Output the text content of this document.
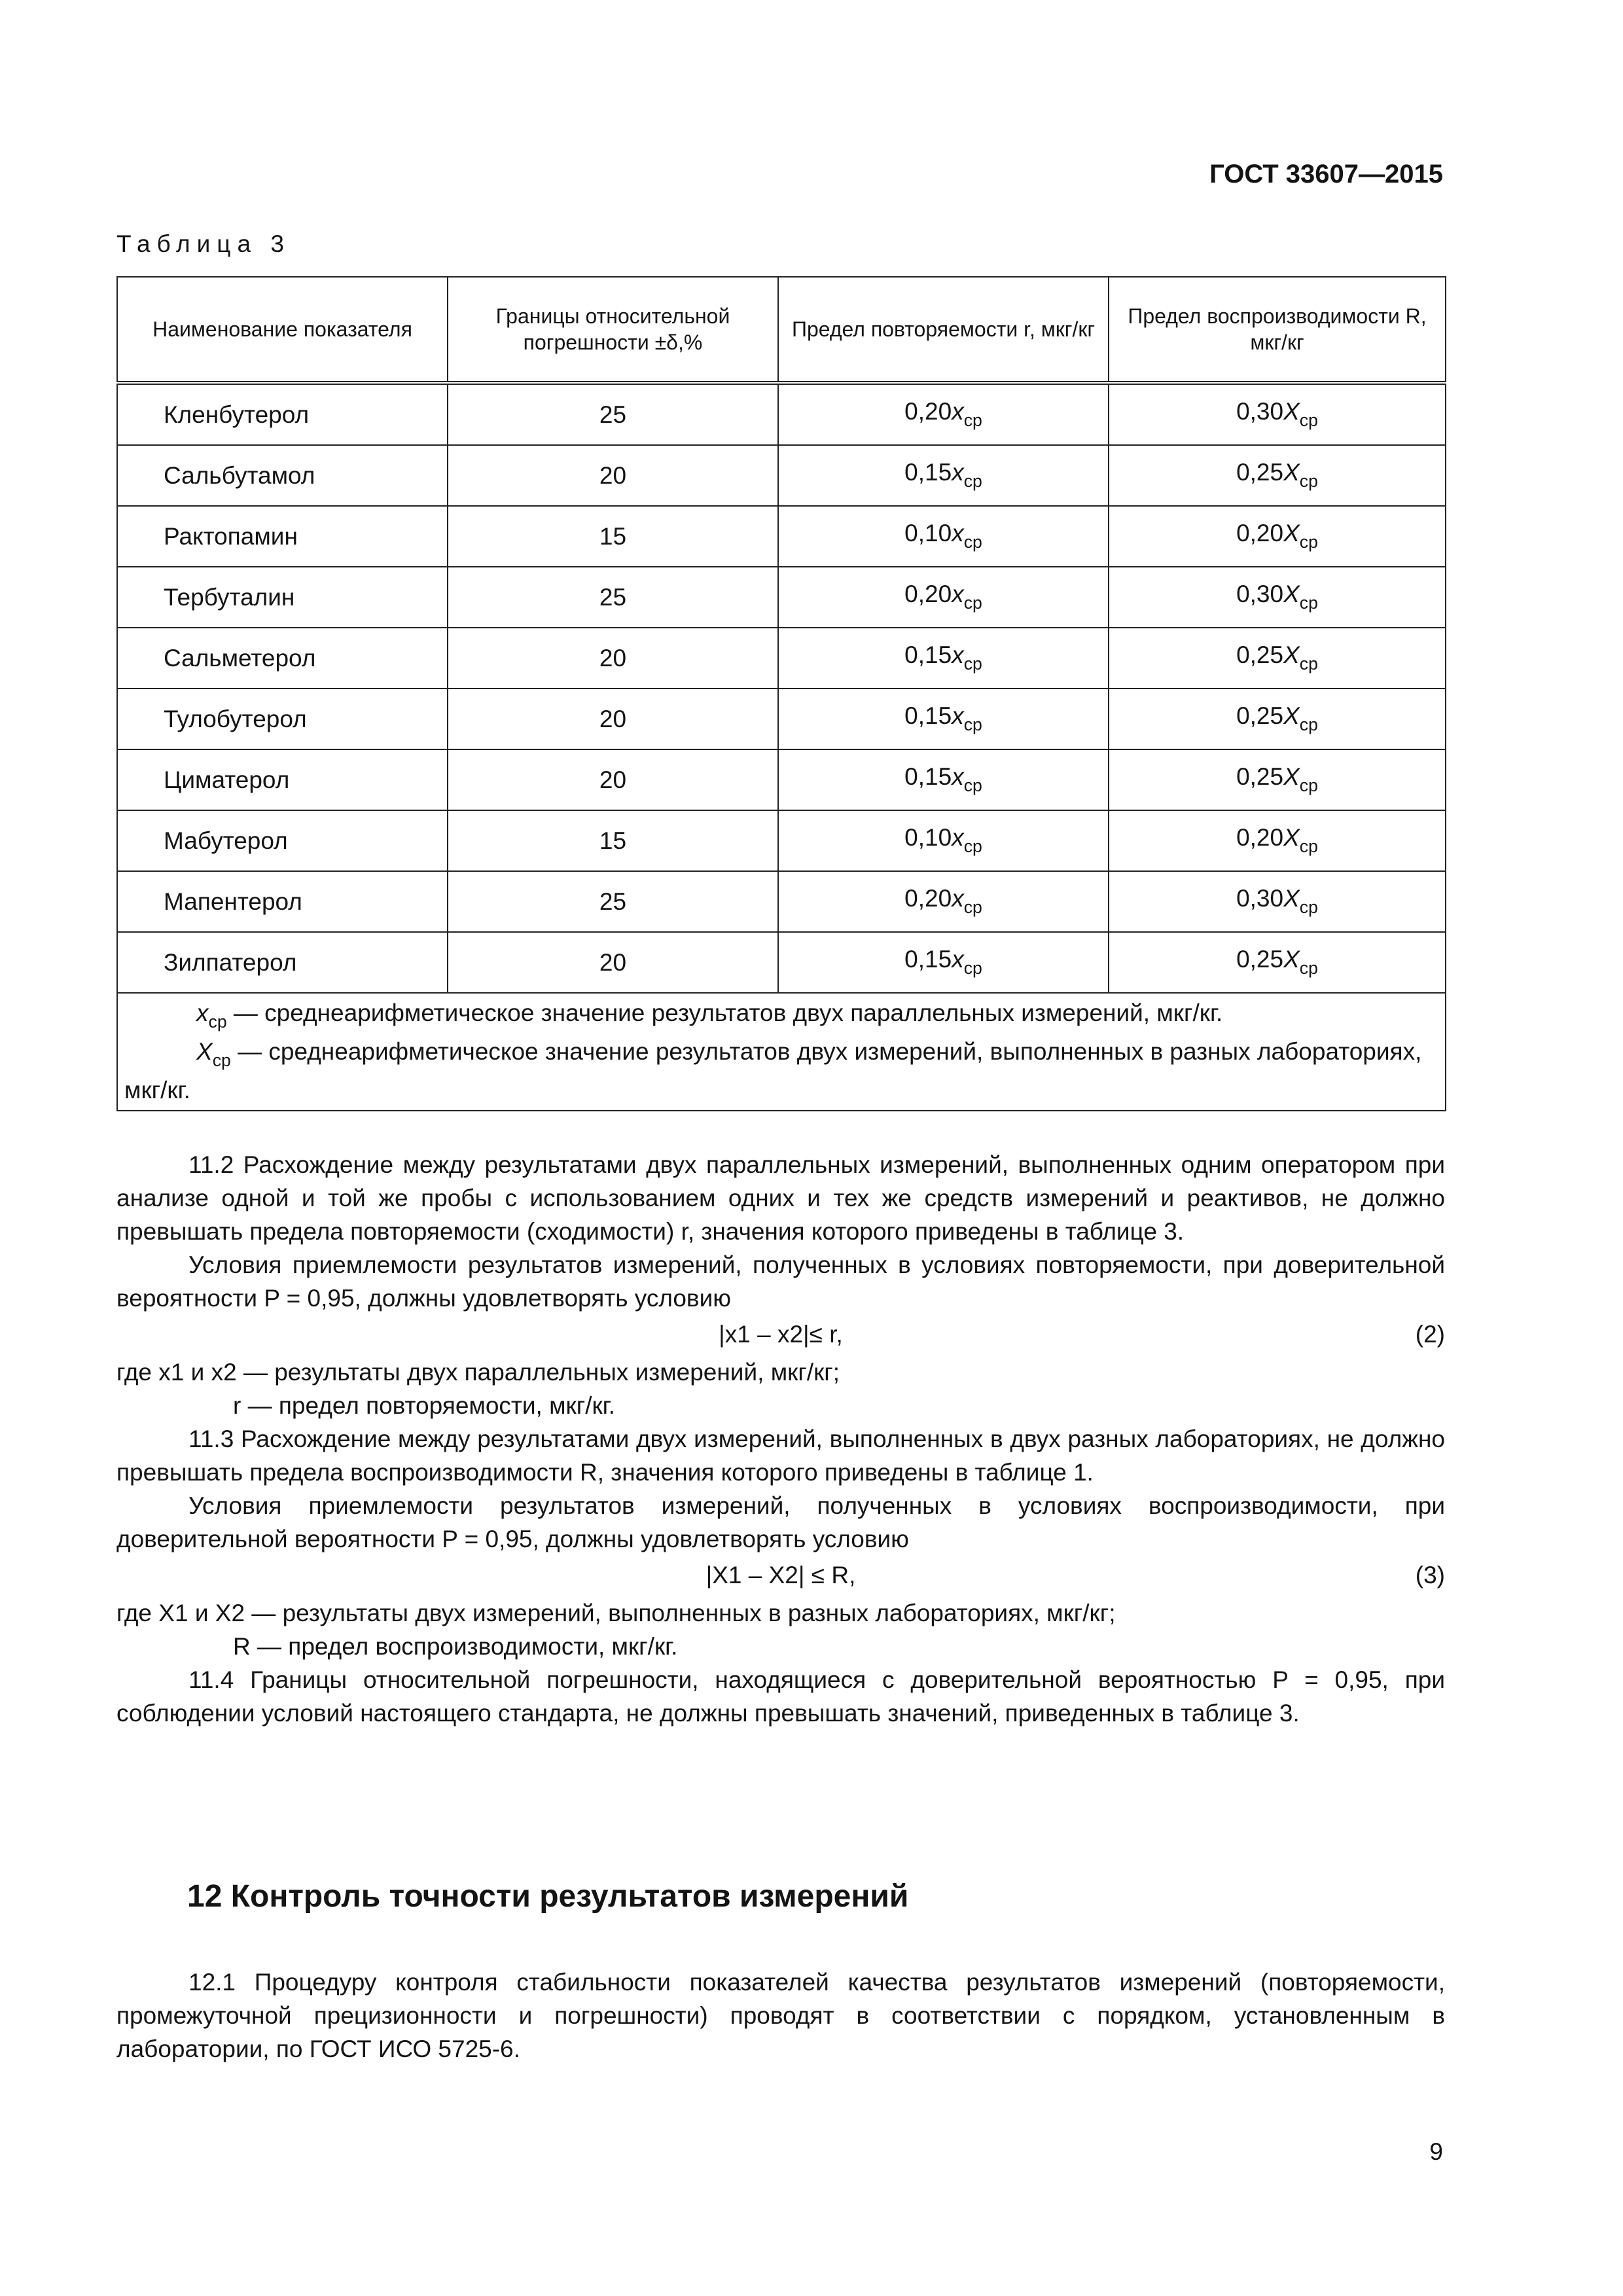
ГОСТ 33607—2015
Таблица 3
Наименование показателя	Границы относительной погрешности ±δ,%	Предел повторяемости r, мкг/кг	Предел воспроизводимости R, мкг/кг
Кленбутерол	25	$0,20x_{ср}$	$0,30X_{ср}$
Сальбутамол	20	$0,15x_{ср}$	$0,25X_{ср}$
Рактопамин	15	$0,10x_{ср}$	$0,20X_{ср}$
Тербуталин	25	$0,20x_{ср}$	$0,30X_{ср}$
Сальметерол	20	$0,15x_{ср}$	$0,25X_{ср}$
Тулобутерол	20	$0,15x_{ср}$	$0,25X_{ср}$
Циматерол	20	$0,15x_{ср}$	$0,25X_{ср}$
Мабутерол	15	$0,10x_{ср}$	$0,20X_{ср}$
Мапентерол	25	$0,20x_{ср}$	$0,30X_{ср}$
Зилпатерол	20	$0,15x_{ср}$	$0,25X_{ср}$

$x_{ср}$ — среднеарифметическое значение результатов двух параллельных измерений, мкг/кг.

$X_{ср}$ — среднеарифметическое значение результатов двух измерений, выполненных в разных лабораториях, мкг/кг.			

11.2 Расхождение между результатами двух параллельных измерений, выполненных одним оператором при анализе одной и той же пробы с использованием одних и тех же средств измерений и реактивов, не должно превышать предела повторяемости (сходимости) r, значения которого приведены в таблице 3.

Условия приемлемости результатов измерений, полученных в условиях повторяемости, при доверительной вероятности P = 0,95, должны удовлетворять условию

|x1 – x2|≤ r,	(2)

где x1 и x2 — результаты двух параллельных измерений, мкг/кг;

r — предел повторяемости, мкг/кг.

11.3 Расхождение между результатами двух измерений, выполненных в двух разных лабораториях, не должно превышать предела воспроизводимости R, значения которого приведены в таблице 1.

Условия приемлемости результатов измерений, полученных в условиях воспроизводимости, при доверительной вероятности P = 0,95, должны удовлетворять условию

|X1 – X2| ≤ R,	(3)

где X1 и X2 — результаты двух измерений, выполненных в разных лабораториях, мкг/кг;

R — предел воспроизводимости, мкг/кг.

11.4 Границы относительной погрешности, находящиеся с доверительной вероятностью P = 0,95, при соблюдении условий настоящего стандарта, не должны превышать значений, приведенных в таблице 3.

12 Контроль точности результатов измерений

12.1 Процедуру контроля стабильности показателей качества результатов измерений (повторяемости, промежуточной прецизионности и погрешности) проводят в соответствии с порядком, установленным в лаборатории, по ГОСТ ИСО 5725-6.

9
